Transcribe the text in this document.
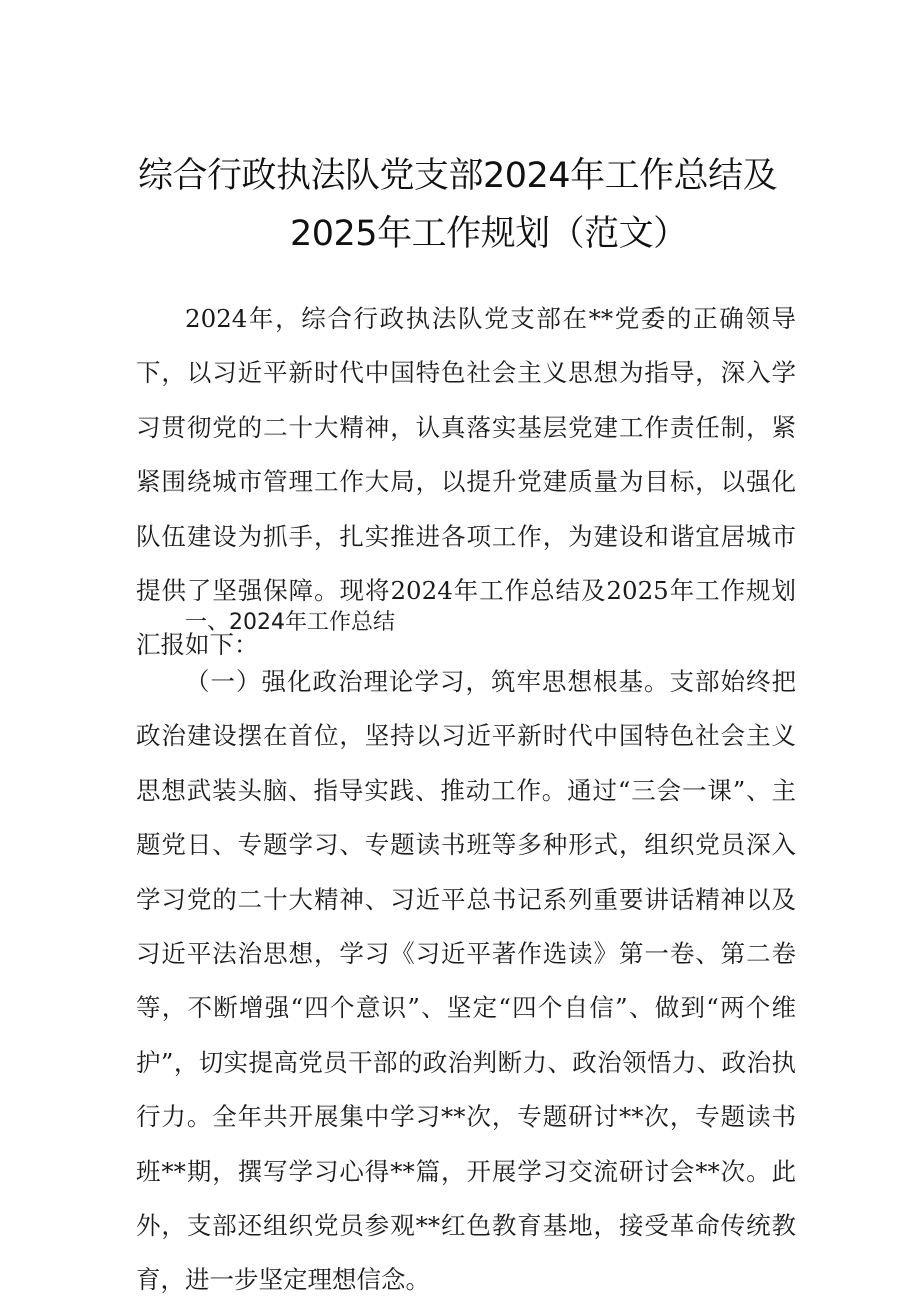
综合行政执法队党支部2024年工作总结及
2025年工作规划（范文）
2024年，综合行政执法队党支部在**党委的正确领导下，以习近平新时代中国特色社会主义思想为指导，深入学习贯彻党的二十大精神，认真落实基层党建工作责任制，紧紧围绕城市管理工作大局，以提升党建质量为目标，以强化队伍建设为抓手，扎实推进各项工作，为建设和谐宜居城市提供了坚强保障。现将2024年工作总结及2025年工作规划汇报如下：
一、2024年工作总结
（一）强化政治理论学习，筑牢思想根基。支部始终把政治建设摆在首位，坚持以习近平新时代中国特色社会主义思想武装头脑、指导实践、推动工作。通过“三会一课”、主题党日、专题学习、专题读书班等多种形式，组织党员深入学习党的二十大精神、习近平总书记系列重要讲话精神以及习近平法治思想，学习《习近平著作选读》第一卷、第二卷等，不断增强“四个意识”、坚定“四个自信”、做到“两个维护”，切实提高党员干部的政治判断力、政治领悟力、政治执行力。全年共开展集中学习**次，专题研讨**次，专题读书班**期，撰写学习心得**篇，开展学习交流研讨会**次。此外，支部还组织党员参观**红色教育基地，接受革命传统教育，进一步坚定理想信念。
